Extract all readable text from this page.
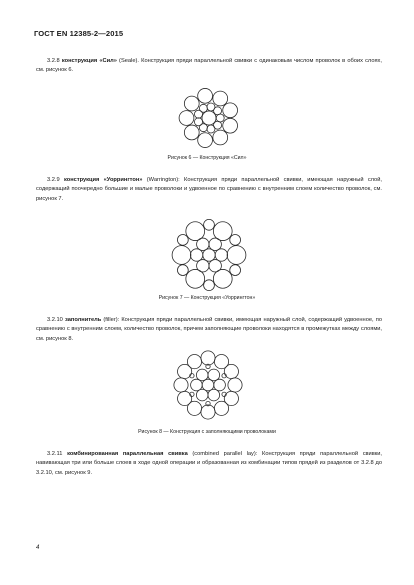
ГОСТ EN 12385-2—2015
3.2.8 конструкция «Сил» (Seale). Конструкция пряди параллельной свивки с одинаковым числом проволок в обоих слоях, см. рисунок 6.
Рисунок 6 — Конструкция «Сил»
3.2.9 конструкция «Уоррингтон» (Warrington): Конструкция пряди параллельной свивки, имеющая наружный слой, содержащий поочередно большие и малые проволоки и удвоенное по сравнению с внутренним слоем количество проволок, см. рисунок 7.
Рисунок 7 — Конструкция «Уоррингтон»
3.2.10 заполнитель (filler): Конструкция пряди параллельной свивки, имеющая наружный слой, содержащий удвоенное, по сравнению с внутренним слоем, количество проволок, причем заполняющие проволоки находятся в промежутках между слоями, см. рисунок 8.
Рисунок 8 — Конструкция с заполняющими проволоками
3.2.11 комбинированная параллельная свивка (combined parallel lay): Конструкция пряди параллельной свивки, навивающая три или больше слоев в ходе одной операции и образованная из комбинации типов прядей из разделов от 3.2.8 до 3.2.10, см. рисунок 9.
4
